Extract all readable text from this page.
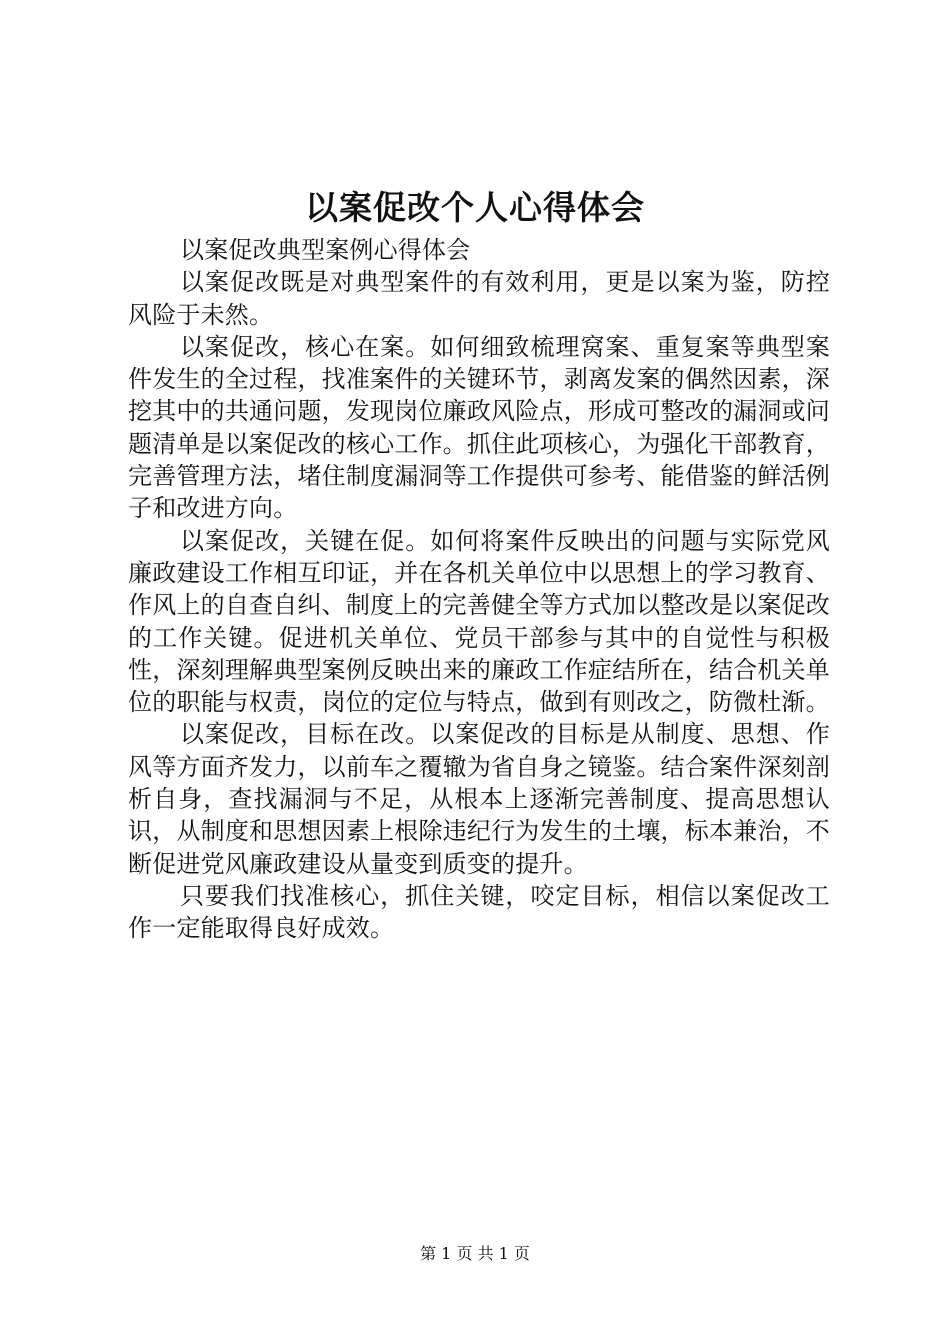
以案促改个人心得体会

以案促改典型案例心得体会

以案促改既是对典型案件的有效利用，更是以案为鉴，防控风险于未然。

以案促改，核心在案。如何细致梳理窝案、重复案等典型案件发生的全过程，找准案件的关键环节，剥离发案的偶然因素，深挖其中的共通问题，发现岗位廉政风险点，形成可整改的漏洞或问题清单是以案促改的核心工作。抓住此项核心，为强化干部教育，完善管理方法，堵住制度漏洞等工作提供可参考、能借鉴的鲜活例子和改进方向。

以案促改，关键在促。如何将案件反映出的问题与实际党风廉政建设工作相互印证，并在各机关单位中以思想上的学习教育、作风上的自查自纠、制度上的完善健全等方式加以整改是以案促改的工作关键。促进机关单位、党员干部参与其中的自觉性与积极性，深刻理解典型案例反映出来的廉政工作症结所在，结合机关单位的职能与权责，岗位的定位与特点，做到有则改之，防微杜渐。

以案促改，目标在改。以案促改的目标是从制度、思想、作风等方面齐发力，以前车之覆辙为省自身之镜鉴。结合案件深刻剖析自身，查找漏洞与不足，从根本上逐渐完善制度、提高思想认识，从制度和思想因素上根除违纪行为发生的土壤，标本兼治，不断促进党风廉政建设从量变到质变的提升。

只要我们找准核心，抓住关键，咬定目标，相信以案促改工作一定能取得良好成效。

第 1 页 共 1 页
